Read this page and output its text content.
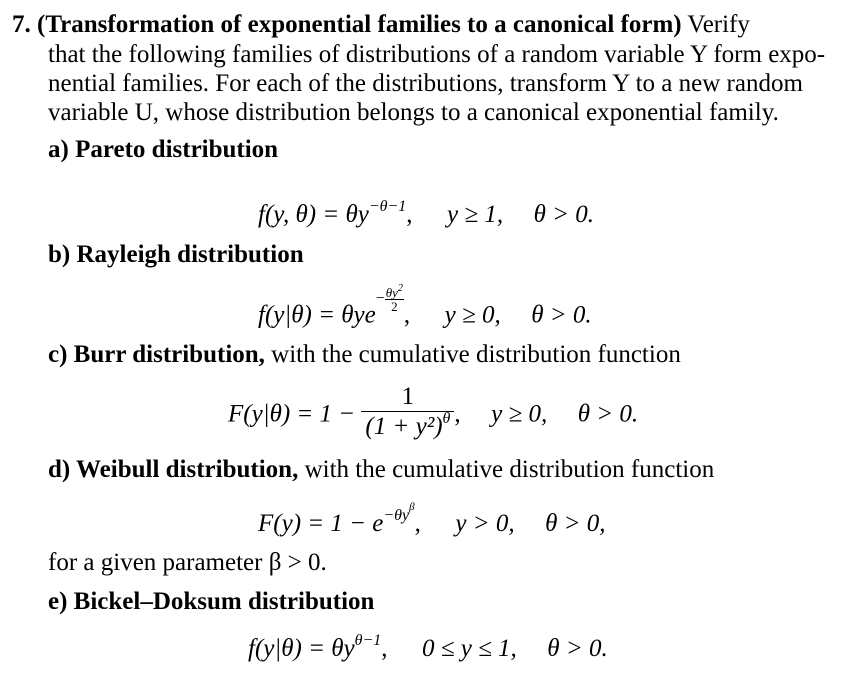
7. (Transformation of exponential families to a canonical form) Verify
that the following families of distributions of a random variable Y form expo-
nential families. For each of the distributions, transform Y to a new random
variable U, whose distribution belongs to a canonical exponential family.
a) Pareto distribution
f(y, $\theta) = \theta y^{-\theta-1}$, y ≥ 1, θ > 0.
b) Rayleigh distribution
f(y|θ) = θye$^{- \frac{\theta y^2}{2}}$
, y ≥ 0, θ > 0.
c) Burr distribution, with the cumulative distribution function
$F(y|\theta) = 1 - \frac{1}{(1 + y^2)^\theta}$ , y ≥ 0, θ > 0.
d) Weibull distribution, with the cumulative distribution function
$F(y) = 1 - e^{-\theta y^\beta}$, y > 0, θ > 0,
for a given parameter β > 0.
e) Bickel–Doksum distribution
$f(y|\theta) = \theta y^{\theta-1}$, 0 ≤ y ≤ 1, θ > 0.
